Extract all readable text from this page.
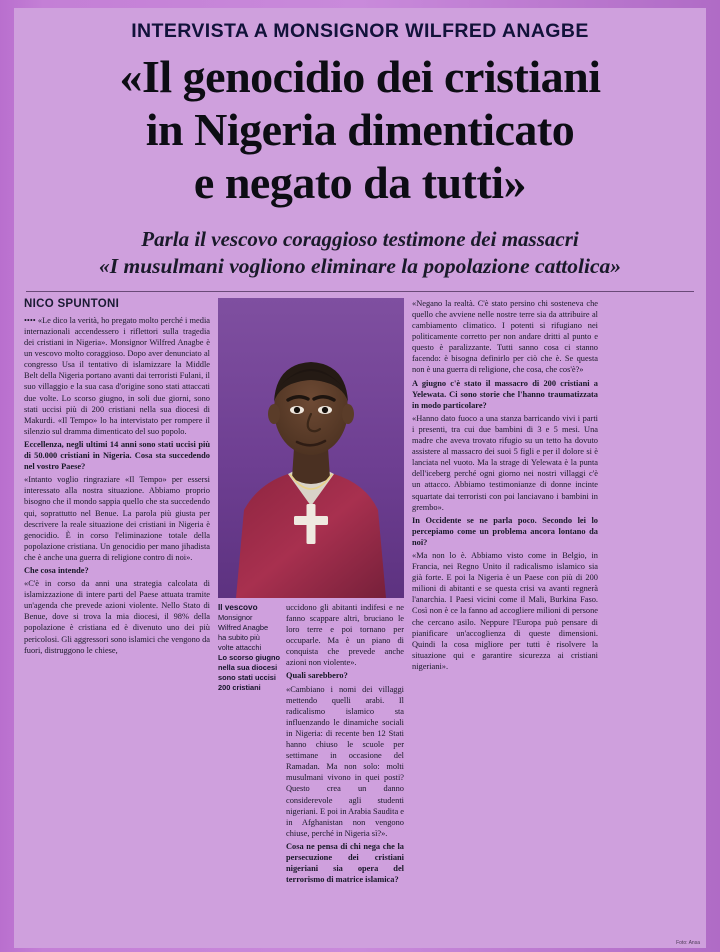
INTERVISTA A MONSIGNOR WILFRED ANAGBE
«Il genocidio dei cristiani
in Nigeria dimenticato
e negato da tutti»
Parla il vescovo coraggioso testimone dei massacri
«I musulmani vogliono eliminare la popolazione cattolica»
NICO SPUNTONI

•••• «Le dico la verità, ho pregato molto perché i media internazionali accendessero i riflettori sulla tragedia dei cristiani in Nigeria». Monsignor Wilfred Anagbe è un vescovo molto coraggioso. Dopo aver denunciato al congresso Usa il tentativo di islamizzare la Middle Belt della Nigeria portano avanti dai terroristi Fulani, il suo villaggio e la sua casa d'origine sono stati attaccati due volte. Lo scorso giugno, in soli due giorni, sono stati uccisi più di 200 cristiani nella sua diocesi di Makurdi. «Il Tempo» lo ha intervistato per rompere il silenzio sul dramma dimenticato del suo popolo.

Eccellenza, negli ultimi 14 anni sono stati uccisi più di 50.000 cristiani in Nigeria. Cosa sta succedendo nel vostro Paese?

«Intanto voglio ringraziare «Il Tempo» per essersi interessato alla nostra situazione. Abbiamo proprio bisogno che il mondo sappia quello che sta succedendo qui, soprattutto nel Benue. La parola più giusta per descrivere la reale situazione dei cristiani in Nigeria è genocidio. È in corso l'eliminazione totale della popolazione cristiana. Un genocidio per mano jihadista che è anche una guerra di religione contro di noi».

Che cosa intende?

«C'è in corso da anni una strategia calcolata di islamizzazione di intere parti del Paese attuata tramite un'agenda che prevede azioni violente. Nello Stato di Benue, dove si trova la mia diocesi, il 98% della popolazione è cristiana ed è divenuto uno dei più pericolosi. Gli aggressori sono islamici che vengono da fuori, distruggono le chiese,

Il vescovo
Monsignor
Wilfred Anagbe
ha subito più
volte attacchi

Lo scorso giugno nella sua diocesi sono stati uccisi 200 cristiani

uccidono gli abitanti indifesi e ne fanno scappare altri, bruciano le loro terre e poi tornano per occuparle. Ma è un piano di conquista che prevede anche azioni non violente».

Quali sarebbero?

«Cambiano i nomi dei villaggi mettendo quelli arabi. Il radicalismo islamico sta influenzando le dinamiche sociali in Nigeria: di recente ben 12 Stati hanno chiuso le scuole per settimane in occasione del Ramadan. Ma non solo: molti musulmani vivono in quei posti? Questo crea un danno considerevole agli studenti nigeriani. E poi in Arabia Saudita e in Afghanistan non vengono chiuse, perché in Nigeria sì?».

Cosa ne pensa di chi nega che la persecuzione dei cristiani nigeriani sia opera del terrorismo di matrice islamica?

«Negano la realtà. C'è stato persino chi sosteneva che quello che avviene nelle nostre terre sia da attribuire al cambiamento climatico. I potenti si rifugiano nei politicamente corretto per non andare dritti al punto e questo è paralizzante. Tutti sanno cosa ci stanno facendo: è bisogna definirlo per ciò che è. Se questa non è una guerra di religione, che cosa, che cos'è?»

A giugno c'è stato il massacro di 200 cristiani a Yelewata. Ci sono storie che l'hanno traumatizzata in modo particolare?

«Hanno dato fuoco a una stanza barricando vivi i parti i presenti, tra cui due bambini di 3 e 5 mesi. Una madre che aveva trovato rifugio su un tetto ha dovuto assistere al massacro dei suoi 5 figli e per il dolore si è lanciata nel vuoto. Ma la strage di Yelewata è la punta dell'iceberg perché ogni giorno nei nostri villaggi c'è un attacco. Abbiamo testimonianze di donne incinte squartate dai terroristi con poi lanciavano i bambini in grembo».

In Occidente se ne parla poco. Secondo lei lo percepiamo come un problema ancora lontano da noi?

«Ma non lo è. Abbiamo visto come in Belgio, in Francia, nei Regno Unito il radicalismo islamico sia già forte. E poi la Nigeria è un Paese con più di 200 milioni di abitanti e se questa crisi va avanti regnerà l'anarchia. I Paesi vicini come il Mali, Burkina Faso. Così non è ce la fanno ad accogliere milioni di persone che cercano asilo. Neppure l'Europa può pensare di pianificare un'accoglienza di queste dimensioni. Quindi la cosa migliore per tutti è risolvere la situazione qui e garantire sicurezza ai cristiani nigeriani».

Foto: Ansa
